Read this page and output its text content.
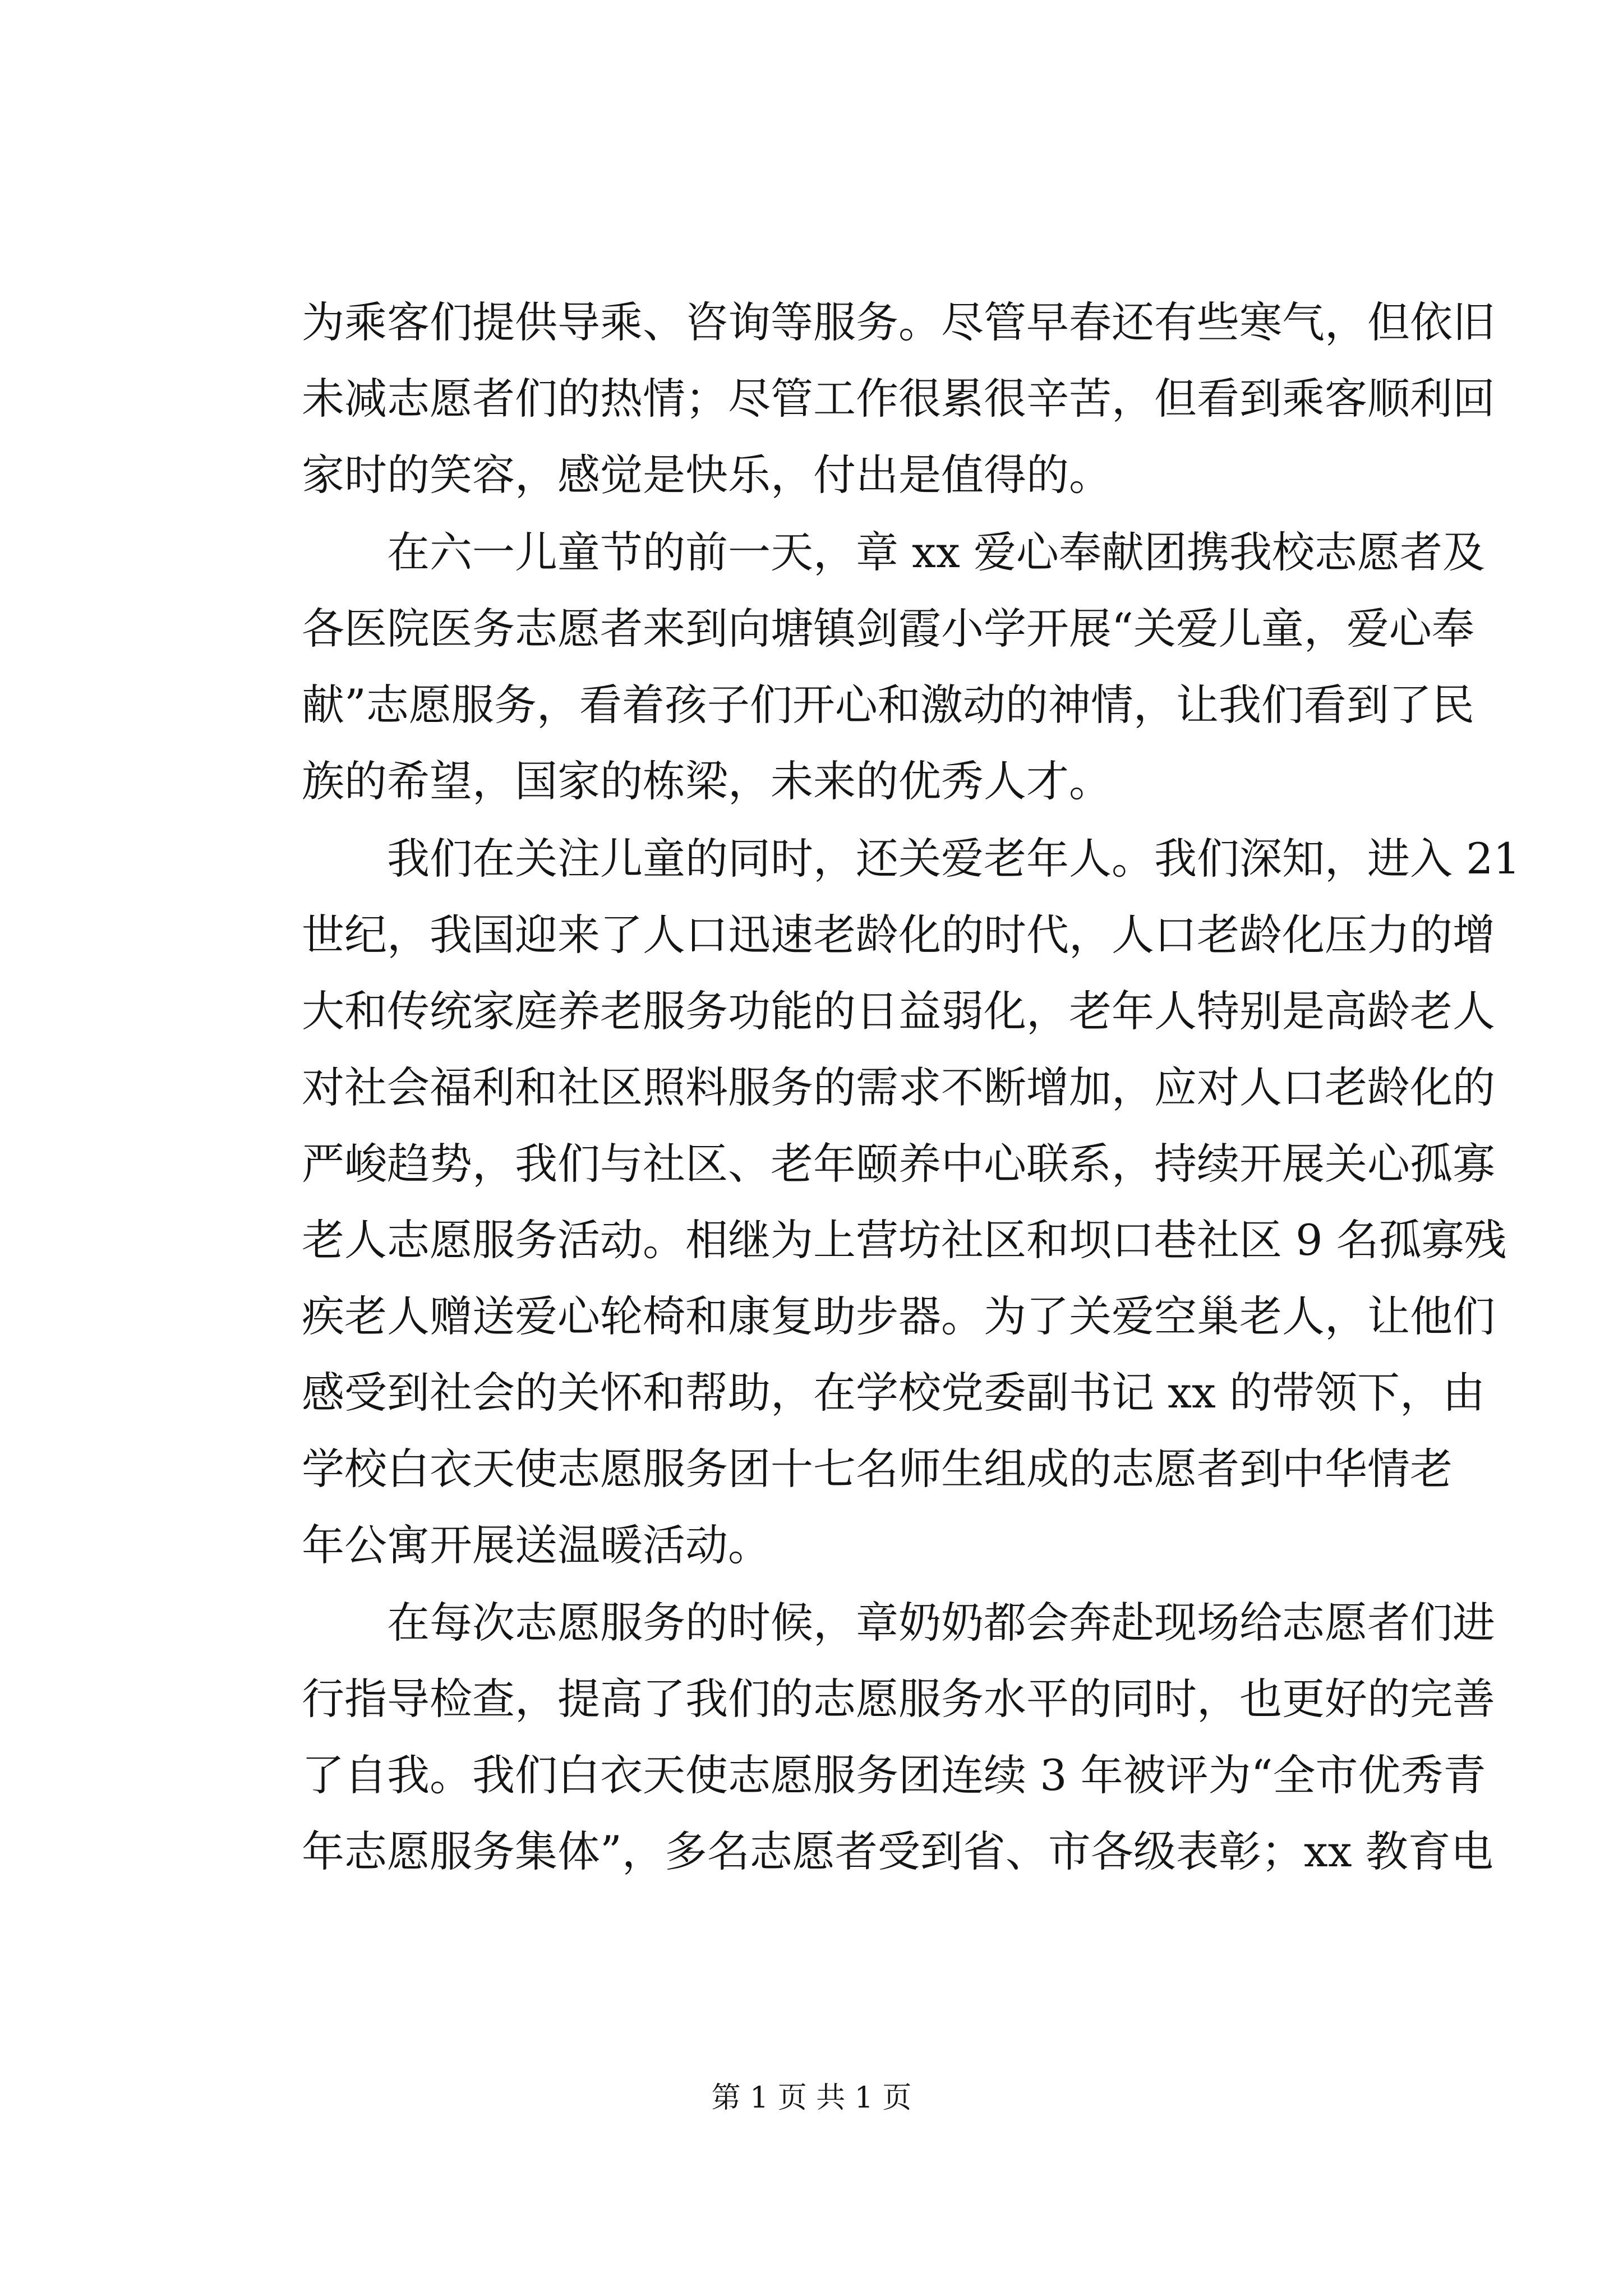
为乘客们提供导乘、咨询等服务。尽管早春还有些寒气，但依旧
未减志愿者们的热情；尽管工作很累很辛苦，但看到乘客顺利回
家时的笑容，感觉是快乐，付出是值得的。
　　在六一儿童节的前一天，章 xx 爱心奉献团携我校志愿者及
各医院医务志愿者来到向塘镇剑霞小学开展“关爱儿童，爱心奉
献”志愿服务，看着孩子们开心和激动的神情，让我们看到了民
族的希望，国家的栋梁，未来的优秀人才。
　　我们在关注儿童的同时，还关爱老年人。我们深知，进入 21
世纪，我国迎来了人口迅速老龄化的时代，人口老龄化压力的增
大和传统家庭养老服务功能的日益弱化，老年人特别是高龄老人
对社会福利和社区照料服务的需求不断增加，应对人口老龄化的
严峻趋势，我们与社区、老年颐养中心联系，持续开展关心孤寡
老人志愿服务活动。相继为上营坊社区和坝口巷社区 9 名孤寡残
疾老人赠送爱心轮椅和康复助步器。为了关爱空巢老人，让他们
感受到社会的关怀和帮助，在学校党委副书记 xx 的带领下，由
学校白衣天使志愿服务团十七名师生组成的志愿者到中华情老
年公寓开展送温暖活动。
　　在每次志愿服务的时候，章奶奶都会奔赴现场给志愿者们进
行指导检查，提高了我们的志愿服务水平的同时，也更好的完善
了自我。我们白衣天使志愿服务团连续 3 年被评为“全市优秀青
年志愿服务集体”，多名志愿者受到省、市各级表彰；xx 教育电
第 1 页 共 1 页
